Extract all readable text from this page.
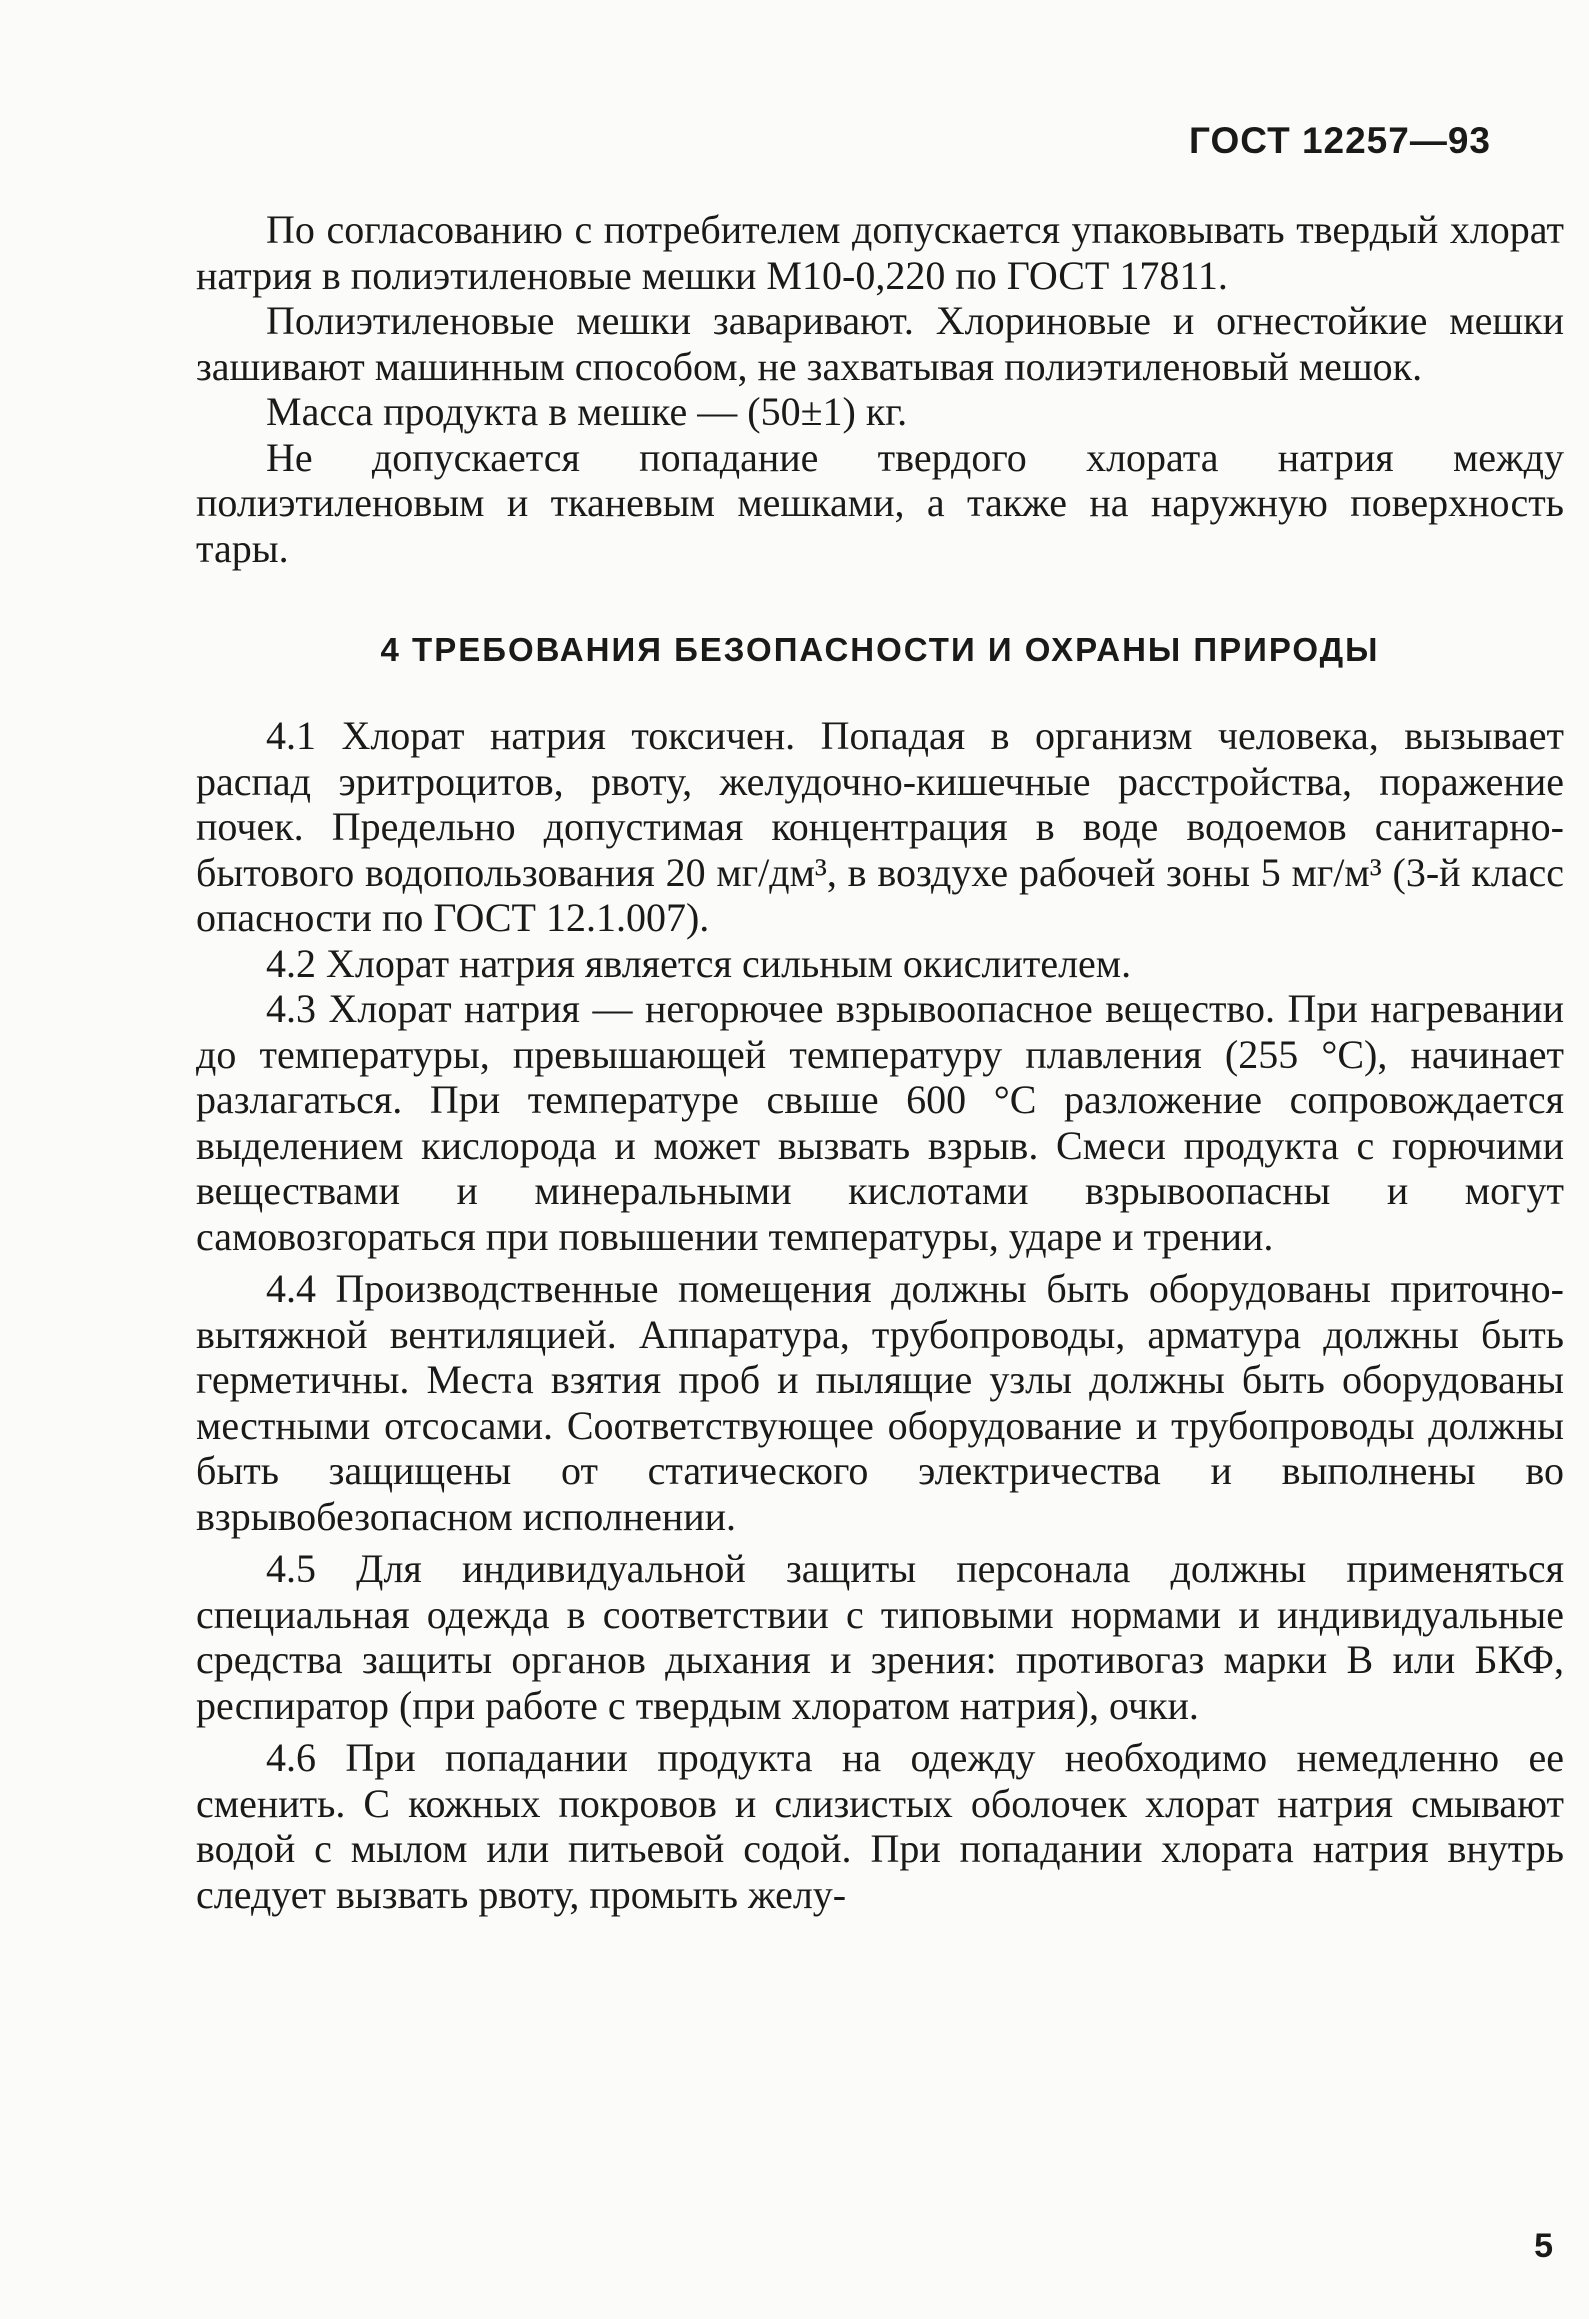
ГОСТ 12257—93

По согласованию с потребителем допускается упаковывать твердый хлорат натрия в полиэтиленовые мешки М10-0,220 по ГОСТ 17811.

Полиэтиленовые мешки заваривают. Хлориновые и огнестойкие мешки зашивают машинным способом, не захватывая полиэтиленовый мешок.

Масса продукта в мешке — (50±1) кг.

Не допускается попадание твердого хлората натрия между полиэтиленовым и тканевым мешками, а также на наружную поверхность тары.

4 ТРЕБОВАНИЯ БЕЗОПАСНОСТИ И ОХРАНЫ ПРИРОДЫ

4.1 Хлорат натрия токсичен. Попадая в организм человека, вызывает распад эритроцитов, рвоту, желудочно-кишечные расстройства, поражение почек. Предельно допустимая концентрация в воде водоемов санитарно-бытового водопользования 20 мг/дм³, в воздухе рабочей зоны 5 мг/м³ (3-й класс опасности по ГОСТ 12.1.007).

4.2 Хлорат натрия является сильным окислителем.

4.3 Хлорат натрия — негорючее взрывоопасное вещество. При нагревании до температуры, превышающей температуру плавления (255 °С), начинает разлагаться. При температуре свыше 600 °С разложение сопровождается выделением кислорода и может вызвать взрыв. Смеси продукта с горючими веществами и минеральными кислотами взрывоопасны и могут самовозгораться при повышении температуры, ударе и трении.

4.4 Производственные помещения должны быть оборудованы приточно-вытяжной вентиляцией. Аппаратура, трубопроводы, арматура должны быть герметичны. Места взятия проб и пылящие узлы должны быть оборудованы местными отсосами. Соответствующее оборудование и трубопроводы должны быть защищены от статического электричества и выполнены во взрывобезопасном исполнении.

4.5 Для индивидуальной защиты персонала должны применяться специальная одежда в соответствии с типовыми нормами и индивидуальные средства защиты органов дыхания и зрения: противогаз марки В или БКФ, респиратор (при работе с твердым хлоратом натрия), очки.

4.6 При попадании продукта на одежду необходимо немедленно ее сменить. С кожных покровов и слизистых оболочек хлорат натрия смывают водой с мылом или питьевой содой. При попадании хлората натрия внутрь следует вызвать рвоту, промыть желу-

5
